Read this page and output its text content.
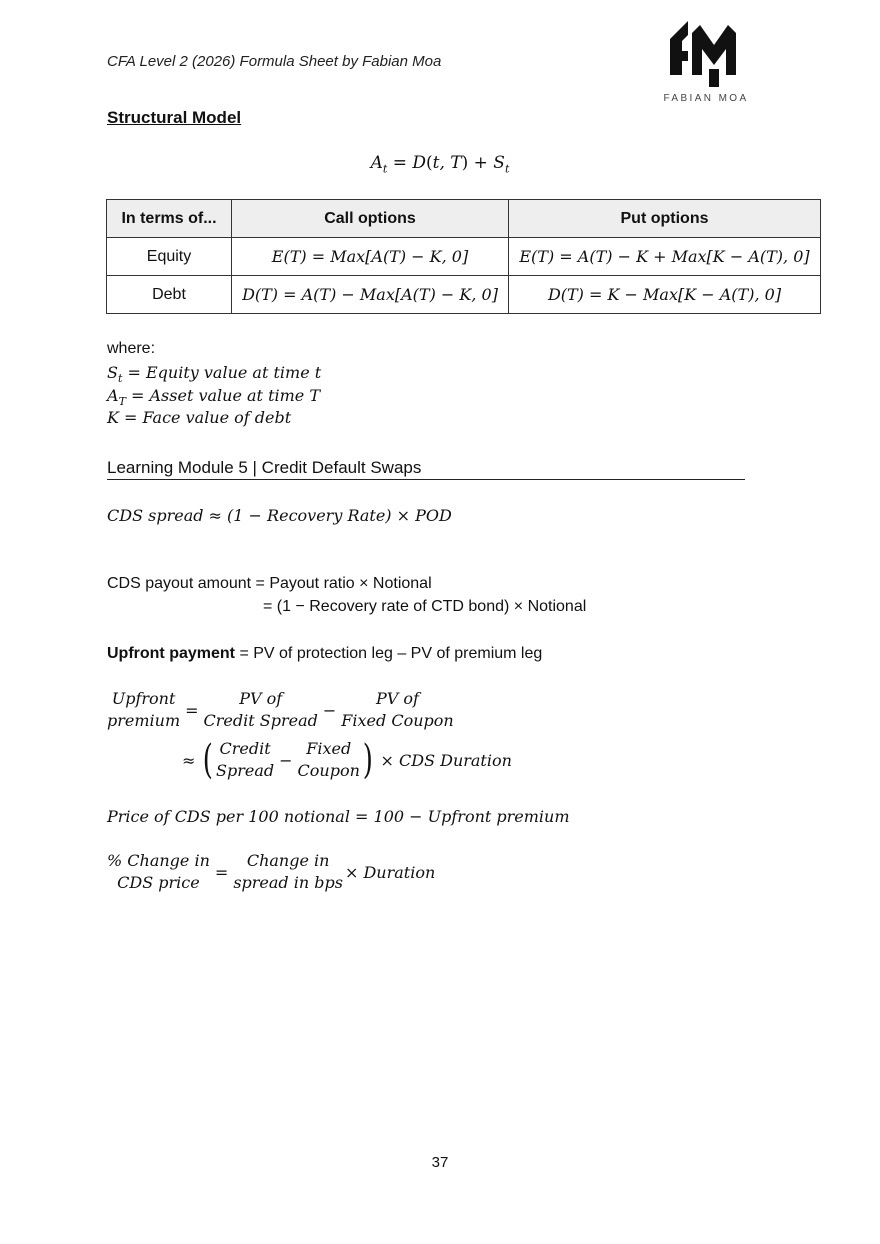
CFA Level 2 (2026) Formula Sheet by Fabian Moa
FABIAN MOA
Structural Model
$A_t = D(t$, $T) + S_t$
In terms of...	Call options	Put options
Equity	E(T) = Max[A(T) − K, 0]	E(T) = A(T) − K + Max[K − A(T), 0]
Debt	D(T) = A(T) − Max[A(T) − K, 0]	D(T) = K − Max[K − A(T), 0]
where:
$S_t$ = Equity value at time t
$A_T$ = Asset value at time T
K = Face value of debt
Learning Module 5 | Credit Default Swaps
CDS spread ≈ (1 − Recovery Rate) × POD
CDS payout amount = Payout ratio × Notional
= (1 − Recovery rate of CTD bond) × Notional
Upfront payment = PV of protection leg – PV of premium leg
Upfront
premium
=
PV of
Credit Spread
−
PV of
Fixed Coupon
≈ ( Credit
Spread
−
Fixed
Coupon ) × CDS Duration
Price of CDS per 100 notional = 100 − Upfront premium
% Change in
CDS price
=
Change in
spread in bps
× Duration
37
